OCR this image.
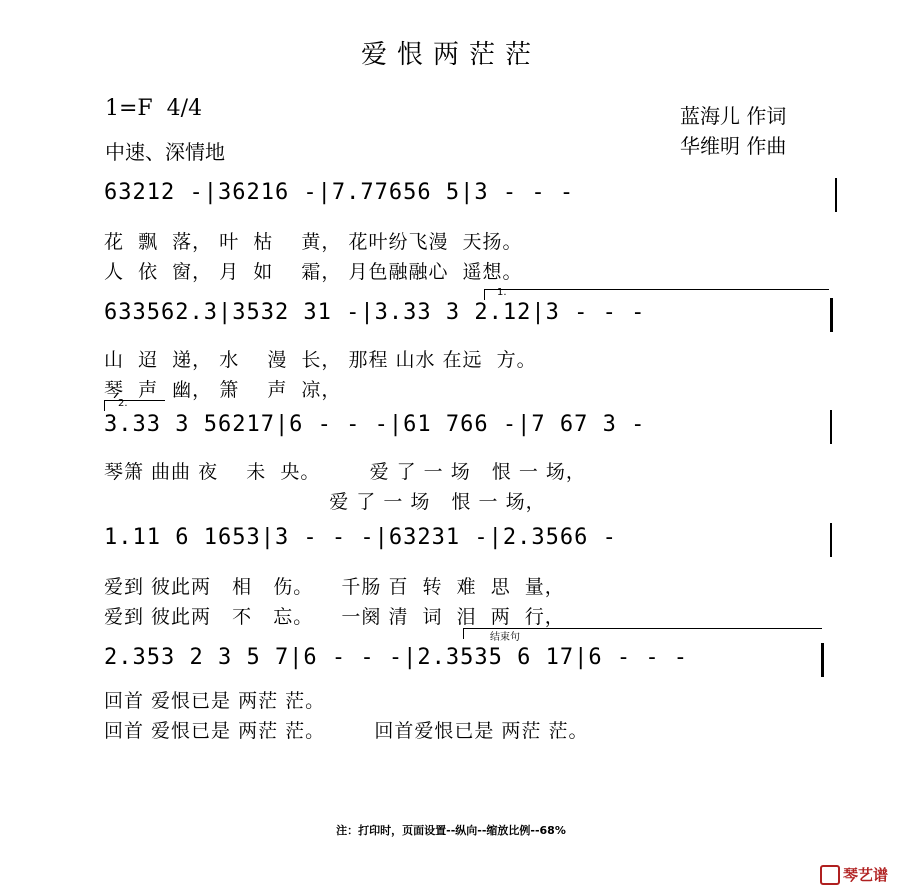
爱恨两茫茫
1=F  4/4
中速、深情地
蓝海儿 作词
华维明 作曲
63212 -|36216 -|7.77656 5|3 - - -
花  飘  落， 叶  枯    黄， 花叶纷飞漫  天扬。
人  依  窗， 月  如    霜， 月色融融心  遥想。
1.
633562.3|3532 31 -|3.33 3 2.12|3 - - -
山  迢  递， 水    漫  长， 那程 山水 在远  方。
琴  声  幽， 箫    声  凉，
2.
3.33 3 56217|6 - - -|61 766 -|7 67 3 -
琴箫 曲曲 夜    未  央。       爱 了 一 场   恨 一 场，
爱 了 一 场   恨 一 场，
1.11 6 1653|3 - - -|63231 -|2.3566 -
爱到 彼此两   相   伤。    千肠 百  转  难  思  量，
爱到 彼此两   不   忘。    一阕 清  词  泪  两  行，
结束句
2.353 2 3 5 7|6 - - -|2.3535 6 17|6 - - -
回首 爱恨已是 两茫 茫。
回首 爱恨已是 两茫 茫。       回首爱恨已是 两茫 茫。
注：打印时，页面设置--纵向--缩放比例--68%

琴艺谱
